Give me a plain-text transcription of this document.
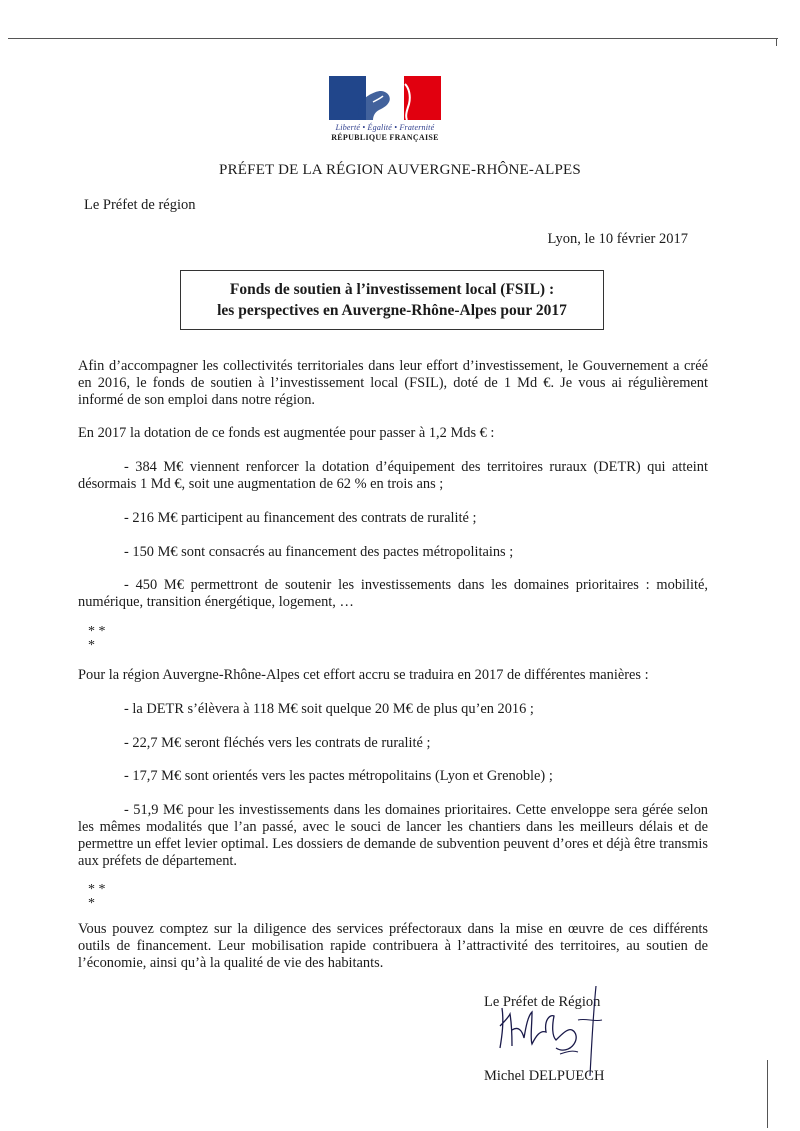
Liberté • Égalité • Fraternité
RÉPUBLIQUE FRANÇAISE
PRÉFET DE LA RÉGION AUVERGNE-RHÔNE-ALPES
Le Préfet de région
Lyon, le 10 février 2017
Fonds de soutien à l’investissement local (FSIL) :
les perspectives en Auvergne-Rhône-Alpes pour 2017

Afin d’accompagner les collectivités territoriales dans leur effort d’investissement, le Gouvernement a créé en 2016, le fonds de soutien à l’investissement local (FSIL), doté de 1 Md €. Je vous ai régulièrement informé de son emploi dans notre région.

En 2017 la dotation de ce fonds est augmentée pour passer à 1,2 Mds € :

- 384 M€ viennent renforcer la dotation d’équipement des territoires ruraux (DETR) qui atteint désormais 1 Md €, soit une augmentation de 62 % en trois ans ;

- 216 M€ participent au financement des contrats de ruralité ;

- 150 M€ sont consacrés au financement des pactes métropolitains ;

- 450 M€ permettront de soutenir les investissements dans les domaines prioritaires : mobilité, numérique, transition énergétique, logement, …

* *

*

Pour la région Auvergne-Rhône-Alpes cet effort accru se traduira en 2017 de différentes manières :

- la DETR s’élèvera à 118 M€ soit quelque 20 M€ de plus qu’en 2016 ;

- 22,7 M€ seront fléchés vers les contrats de ruralité ;

- 17,7 M€ sont orientés vers les pactes métropolitains (Lyon et Grenoble) ;

- 51,9 M€ pour les investissements dans les domaines prioritaires. Cette enveloppe sera gérée selon les mêmes modalités que l’an passé, avec le souci de lancer les chantiers dans les meilleurs délais et de permettre un effet levier optimal. Les dossiers de demande de subvention peuvent d’ores et déjà être transmis aux préfets de département.

* *

*

Vous pouvez comptez sur la diligence des services préfectoraux dans la mise en œuvre de ces différents outils de financement. Leur mobilisation rapide contribuera à l’attractivité des territoires, au soutien de l’économie, ainsi qu’à la qualité de vie des habitants.

Le Préfet de Région
Michel DELPUECH
